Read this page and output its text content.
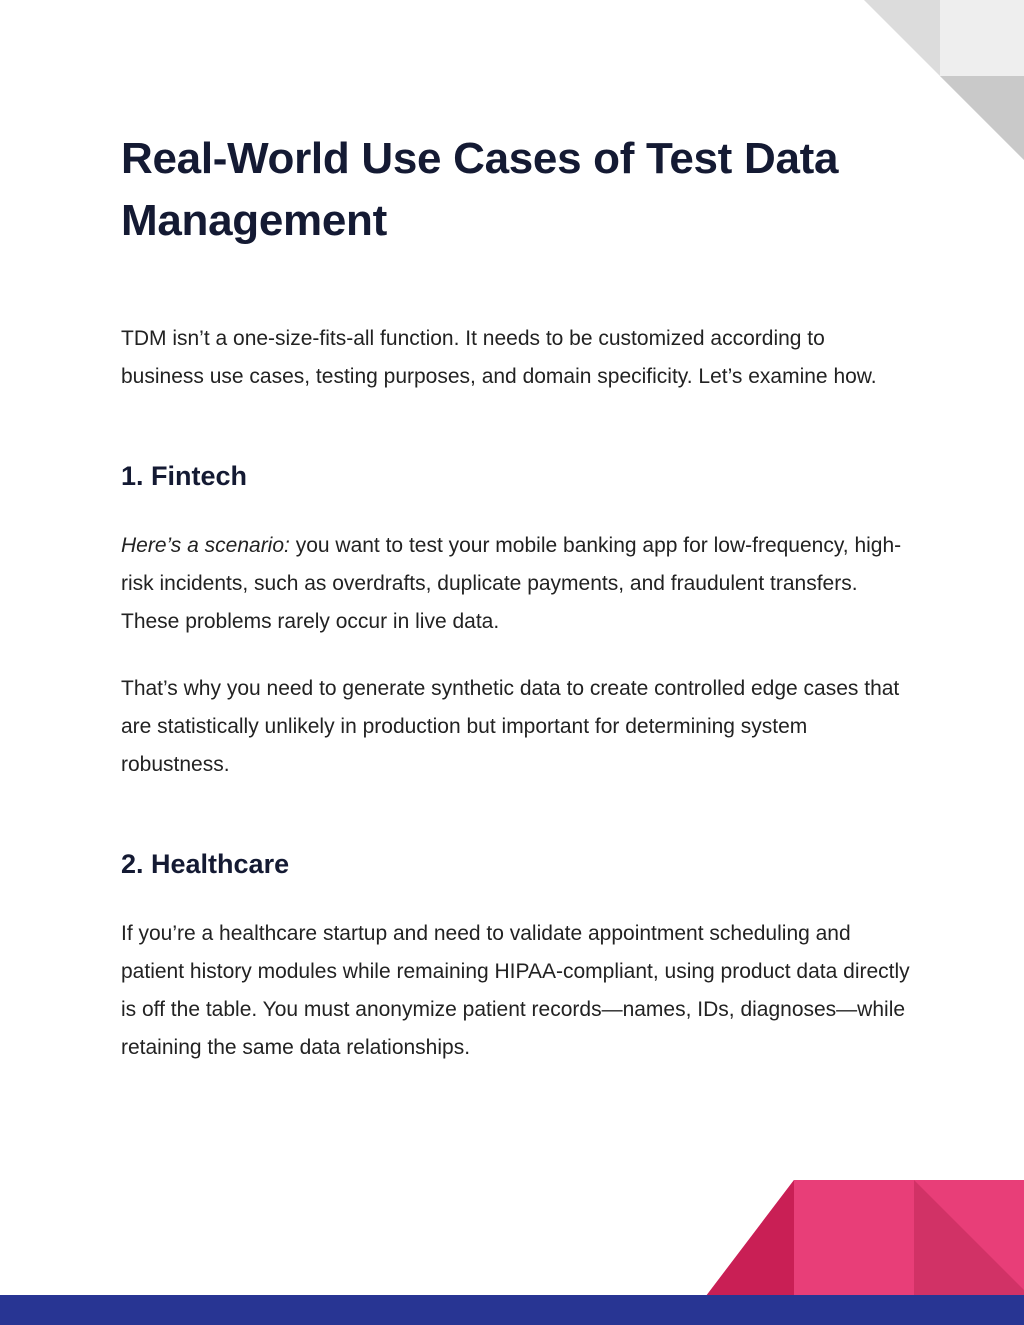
Real-World Use Cases of Test Data Management

TDM isn’t a one-size-fits-all function. It needs to be customized according to business use cases, testing purposes, and domain specificity. Let’s examine how.

1. Fintech

Here’s a scenario: you want to test your mobile banking app for low-frequency, high-risk incidents, such as overdrafts, duplicate payments, and fraudulent transfers. These problems rarely occur in live data.

That’s why you need to generate synthetic data to create controlled edge cases that are statistically unlikely in production but important for determining system robustness.

2. Healthcare

If you’re a healthcare startup and need to validate appointment scheduling and patient history modules while remaining HIPAA-compliant, using product data directly is off the table. You must anonymize patient records—names, IDs, diagnoses—while retaining the same data relationships.
